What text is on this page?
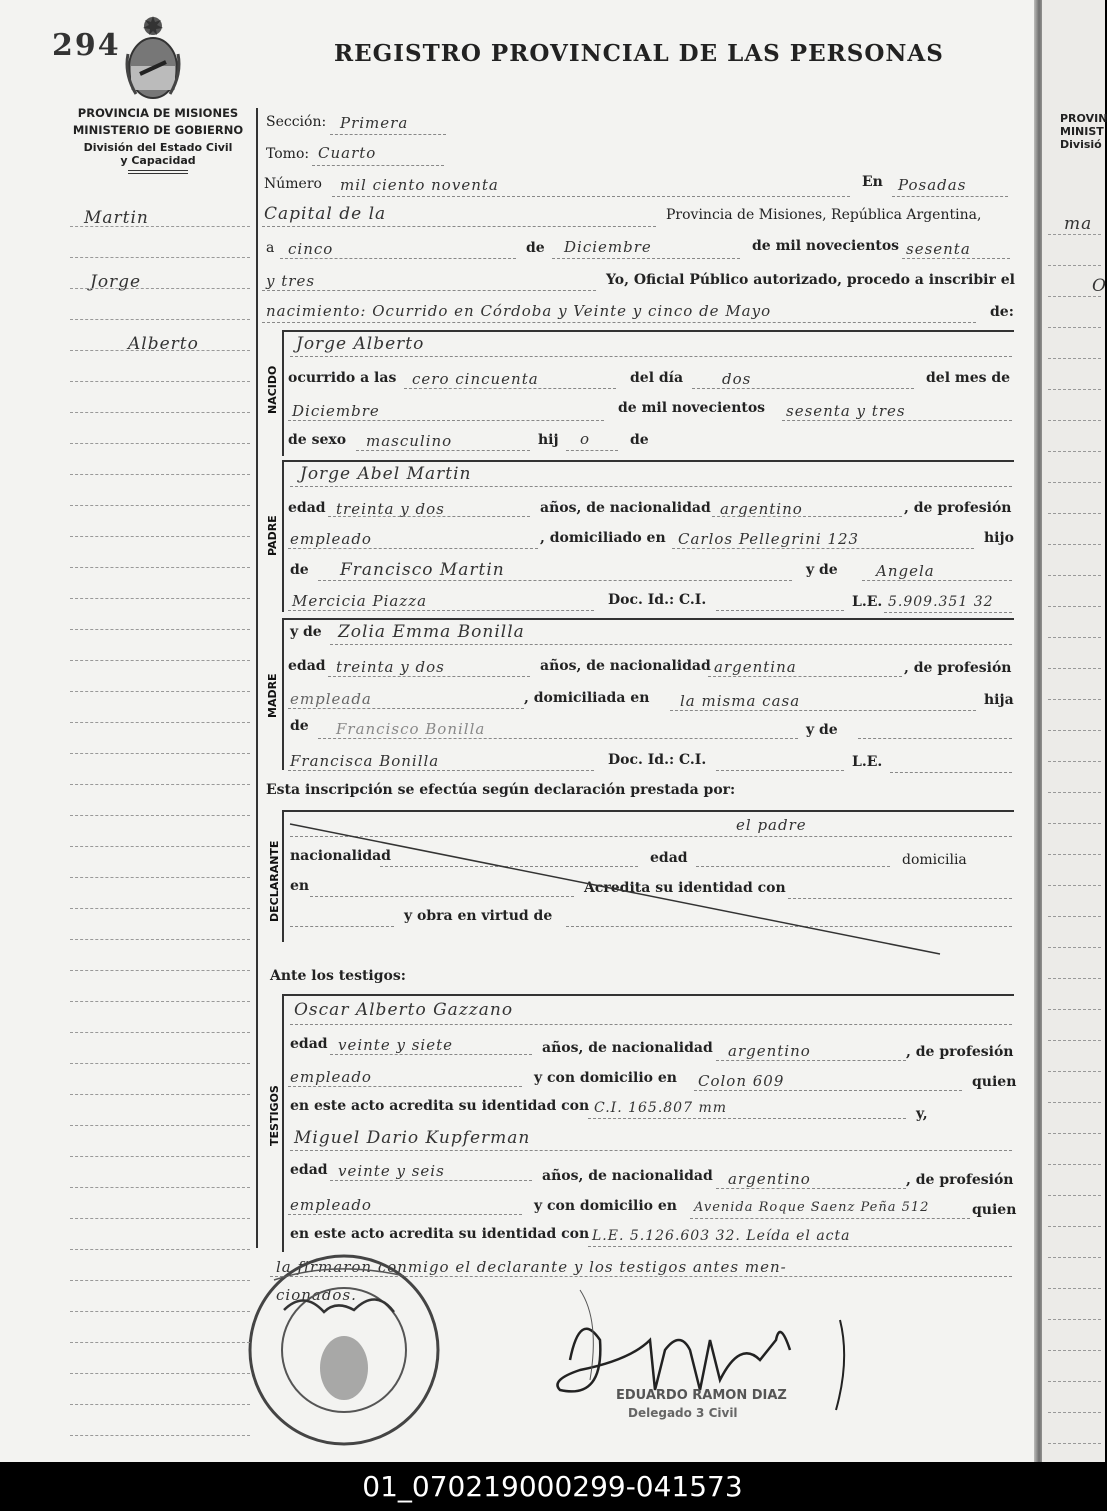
294	REGISTRO PROVINCIAL DE LAS PERSONAS
PROVINCIA DE MISIONES
MINISTERIO DE GOBIERNO
División del Estado Civil
y Capacidad
Martin
Jorge
Alberto
Sección: Primera
Tomo: Cuarto
Número mil ciento noventa	En Posadas
Capital de la	Provincia de Misiones, República Argentina,
a cinco	de Diciembre	de mil novecientos sesenta
y tres	Yo, Oficial Público autorizado, procedo a inscribir el
nacimiento: Ocurrido en Córdoba y Veinte y cinco de Mayo	de:
NACIDO
Jorge Alberto
ocurrido a las cero cincuenta	del día	dos	del mes de
Diciembre	de mil novecientos sesenta y tres
de sexo masculino	hij o	de
PADRE
Jorge Abel Martin
edad treinta y dos	años, de nacionalidad argentino	, de profesión
empleado	, domiciliado en Carlos Pellegrini 123	hijo
de Francisco Martin	y de	Angela
Mercicia Piazza	Doc. Id.: C.I.	L.E. 5.909.351 32
MADRE
y de Zolia Emma Bonilla
edad treinta y dos	años, de nacionalidad argentina	, de profesión
empleada	, domiciliada en la misma casa	hija
de Francisco Bonilla	y de
Francisca Bonilla	Doc. Id.: C.I.	L.E.
Esta inscripción se efectúa según declaración prestada por:
DECLARANTE
el padre
nacionalidad	edad	domicilia
en	Acredita su identidad con
y obra en virtud de
Ante los testigos:
TESTIGOS
Oscar Alberto Gazzano
edad veinte y siete	años, de nacionalidad argentino	, de profesión
empleado	y con domicilio en Colon 609	quien
en este acto acredita su identidad con C.I. 165.807 mm	y,
Miguel Dario Kupferman
edad veinte y seis	años, de nacionalidad argentino	, de profesión
empleado	y con domicilio en Avenida Roque Saenz Peña 512	quien
en este acto acredita su identidad con L.E. 5.126.603 32. Leída el acta
la firmaron conmigo el declarante y los testigos antes men-
cionados.
EDUARDO RAMON DIAZ
Delegado 3 Civil
PROVIN
MINIST
Divisió
ma
O
01_070219000299-041573
